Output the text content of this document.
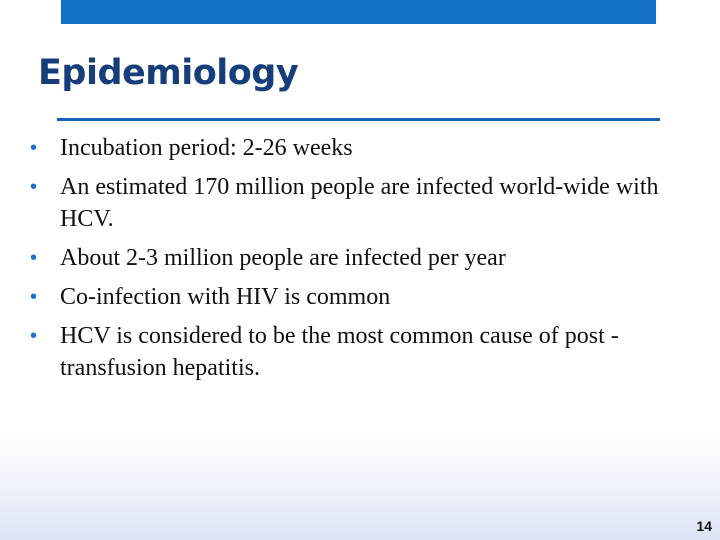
Epidemiology
• Incubation period: 2-26 weeks
• An estimated 170 million people are infected world-wide with HCV.
• About 2-3 million people are infected per year
• Co-infection with HIV is common
• HCV is considered to be the most common cause of post - transfusion hepatitis.
14
